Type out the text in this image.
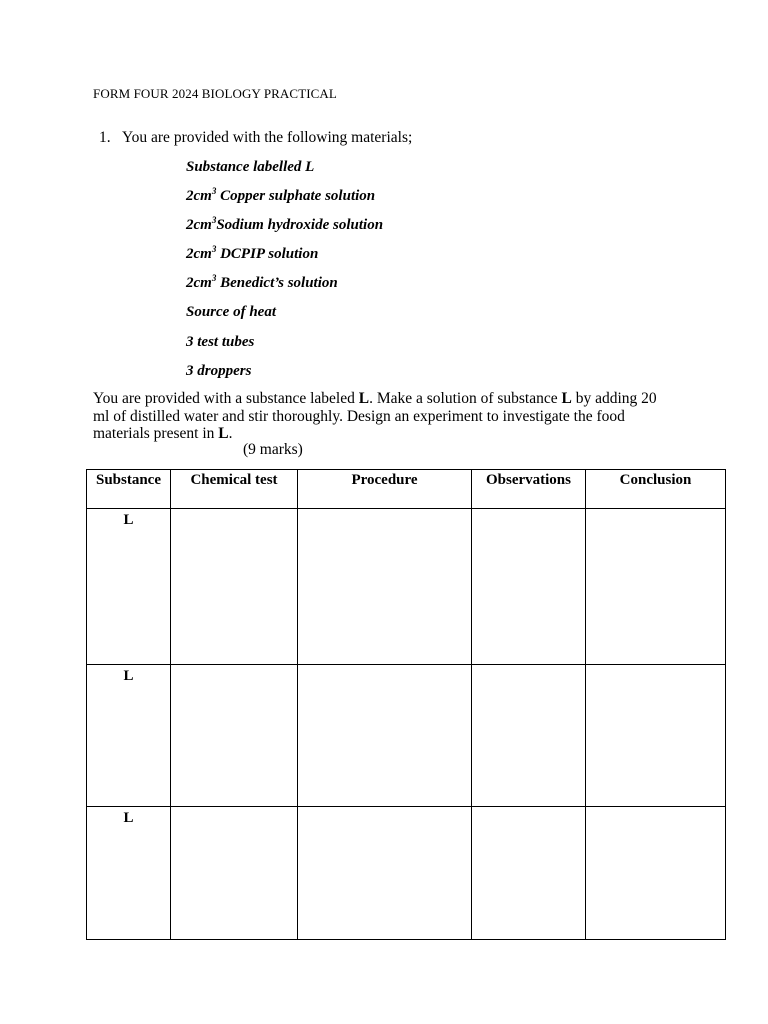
FORM FOUR 2024 BIOLOGY PRACTICAL
1. You are provided with the following materials;
Substance labelled L
$2cm^3$ Copper sulphate solution
$2cm^3Sodium$ hydroxide solution
$2cm^3$ DCPIP solution
$2cm^3$ Benedict’s solution
Source of heat
3 test tubes
3 droppers
You are provided with a substance labeled L. Make a solution of substance L by adding 20 ml of distilled water and stir thoroughly. Design an experiment to investigate the food materials present in L.
(9 marks)
Substance	Chemical test	Procedure	Observations	Conclusion
L				
L				
L				
